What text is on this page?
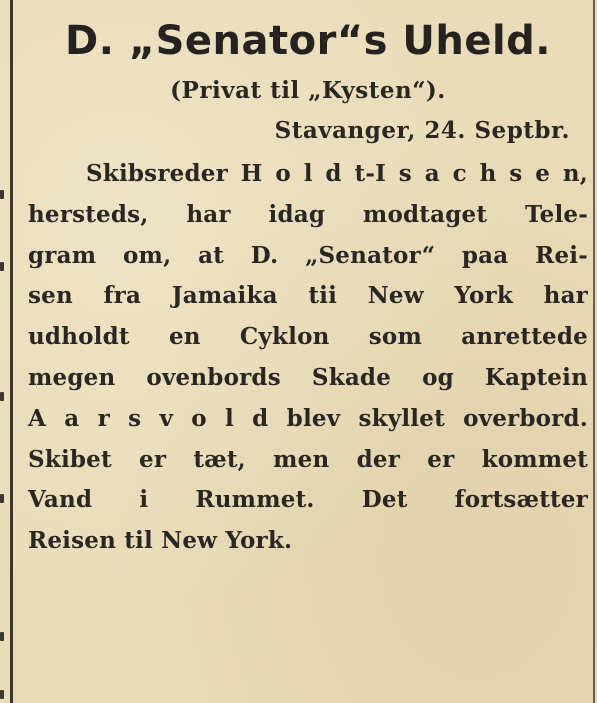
D. „Senator“s Uheld.
(Privat til „Kysten“).
Stavanger, 24. Septbr.
Skibsreder H o l d t-I s a c h s e n,
hersteds, har idag modtaget Tele-
gram om, at D. „Senator“ paa Rei-
sen fra Jamaika tii New York har
udholdt en Cyklon som anrettede
megen ovenbords Skade og Kaptein
A a r s v o l d blev skyllet overbord.
Skibet er tæt, men der er kommet
Vand i Rummet. Det fortsætter
Reisen til New York.
